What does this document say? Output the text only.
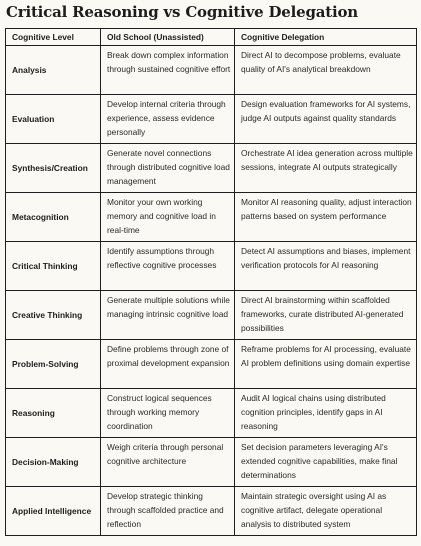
Critical Reasoning vs Cognitive Delegation
Cognitive Level	Old School (Unassisted)	Cognitive Delegation
Analysis	Break down complex information through sustained cognitive effort	Direct AI to decompose problems, evaluate quality of AI's analytical breakdown
Evaluation	Develop internal criteria through experience, assess evidence personally	Design evaluation frameworks for AI systems, judge AI outputs against quality standards
Synthesis/Creation	Generate novel connections through distributed cognitive load management	Orchestrate AI idea generation across multiple sessions, integrate AI outputs strategically
Metacognition	Monitor your own working memory and cognitive load in real-time	Monitor AI reasoning quality, adjust interaction patterns based on system performance
Critical Thinking	Identify assumptions through reflective cognitive processes	Detect AI assumptions and biases, implement verification protocols for AI reasoning
Creative Thinking	Generate multiple solutions while managing intrinsic cognitive load	Direct AI brainstorming within scaffolded frameworks, curate distributed AI-generated possibilities
Problem-Solving	Define problems through zone of proximal development expansion	Reframe problems for AI processing, evaluate AI problem definitions using domain expertise
Reasoning	Construct logical sequences through working memory coordination	Audit AI logical chains using distributed cognition principles, identify gaps in AI reasoning
Decision-Making	Weigh criteria through personal cognitive architecture	Set decision parameters leveraging AI's extended cognitive capabilities, make final determinations
Applied Intelligence	Develop strategic thinking through scaffolded practice and reflection	Maintain strategic oversight using AI as cognitive artifact, delegate operational analysis to distributed system
